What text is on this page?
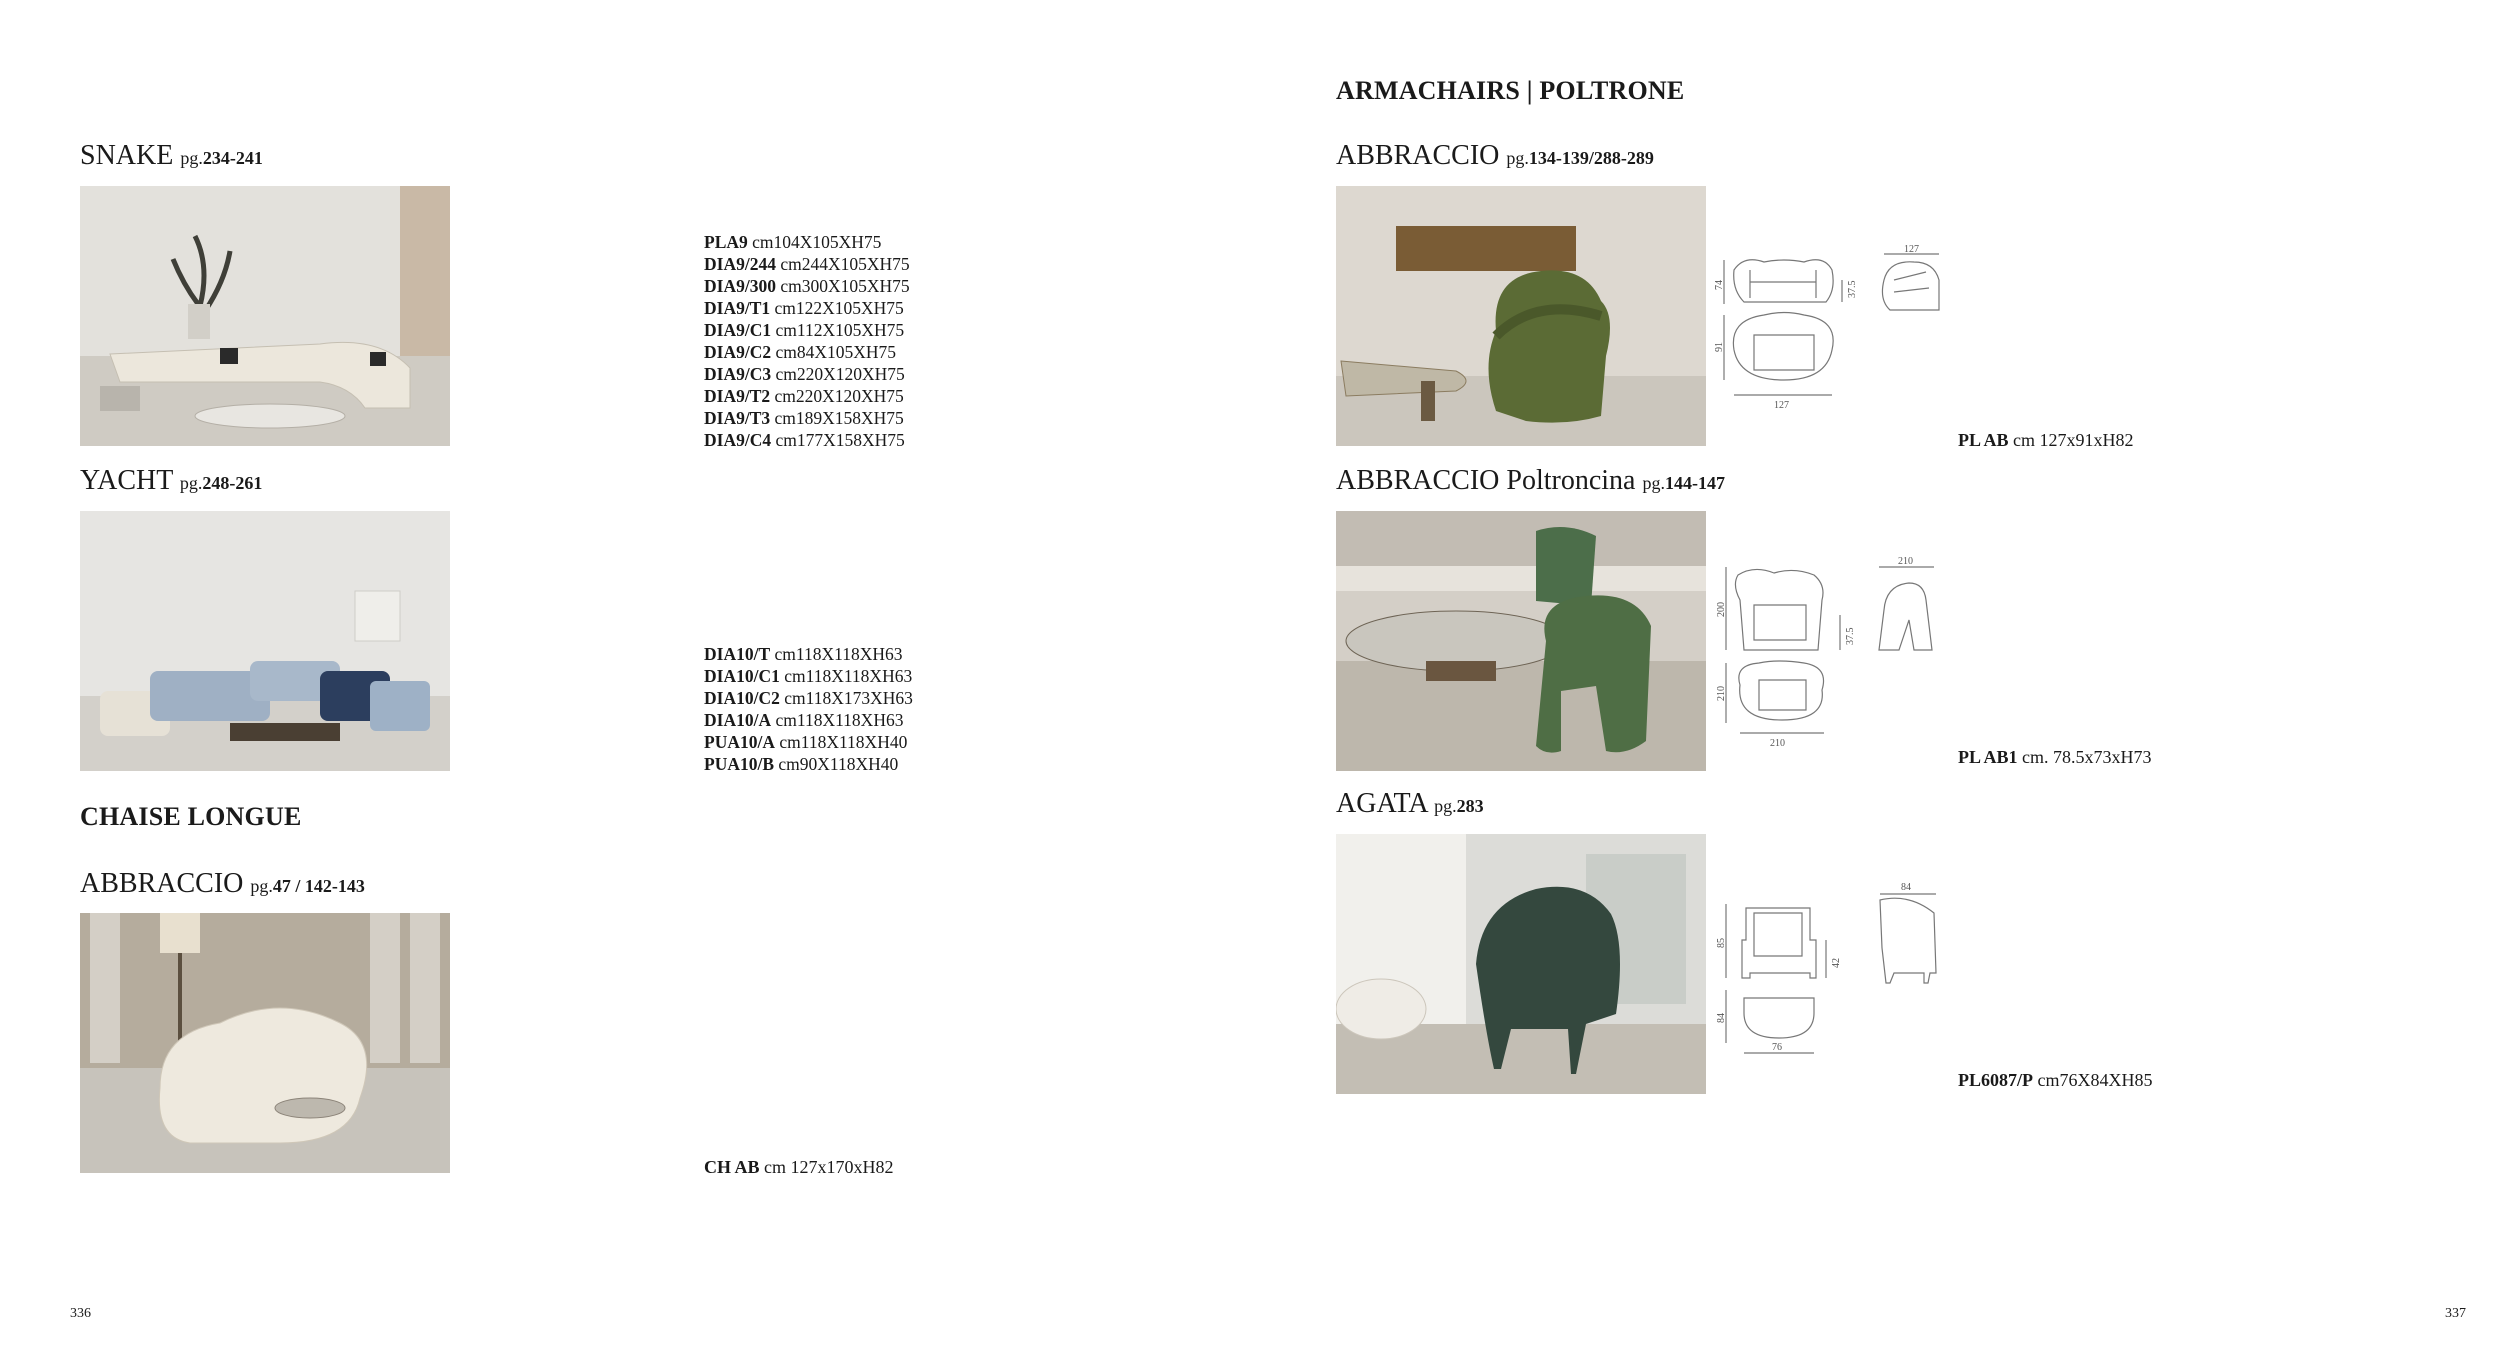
SNAKE pg.234-241
PLA9 cm104X105XH75
DIA9/244 cm244X105XH75
DIA9/300 cm300X105XH75
DIA9/T1 cm122X105XH75
DIA9/C1 cm112X105XH75
DIA9/C2 cm84X105XH75
DIA9/C3 cm220X120XH75
DIA9/T2 cm220X120XH75
DIA9/T3 cm189X158XH75
DIA9/C4 cm177X158XH75
YACHT pg.248-261
DIA10/T cm118X118XH63
DIA10/C1 cm118X118XH63
DIA10/C2 cm118X173XH63
DIA10/A cm118X118XH63
PUA10/A cm118X118XH40
PUA10/B cm90X118XH40
CHAISE LONGUE
ABBRACCIO pg.47 / 142-143
CH AB cm 127x170xH82
336
ARMACHAIRS | POLTRONE
ABBRACCIO pg.134-139/288-289
127
74	37.5
91
127
PL AB cm 127x91xH82
ABBRACCIO Poltroncina pg.144-147
210
200
37.5
210
210
PL AB1 cm. 78.5x73xH73
AGATA pg.283
84
85
42
84
76
PL6087/P cm76X84XH85
337
